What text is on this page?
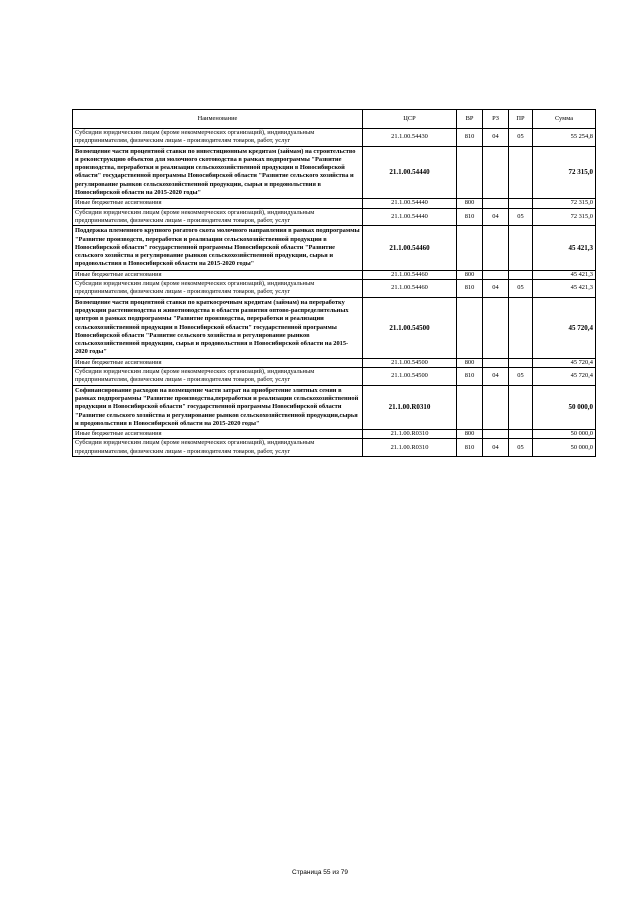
Наименование	ЦСР	ВР	РЗ	ПР	Сумма
Субсидии юридическим лицам (кроме некоммерческих организаций), индивидуальным предпринимателям, физическим лицам - производителям товаров, работ, услуг	21.1.00.54430	810	04	05	55 254,8
Возмещение части процентной ставки по инвестиционным кредитам (займам) на строительство и реконструкцию объектов для молочного скотоводства в рамках подпрограммы "Развитие производства, переработки и реализации сельскохозяйственной продукции в Новосибирской области" государственной программы Новосибирской области "Развитие сельского хозяйства и регулирование рынков сельскохозяйственной продукции, сырья и продовольствия в Новосибирской области на 2015-2020 годы"	21.1.00.54440				72 315,0
Иные бюджетные ассигнования	21.1.00.54440	800			72 315,0
Субсидии юридическим лицам (кроме некоммерческих организаций), индивидуальным предпринимателям, физическим лицам - производителям товаров, работ, услуг	21.1.00.54440	810	04	05	72 315,0
Поддержка племенного крупного рогатого скота молочного направления в рамках подпрограммы "Развитие производств, переработки и реализации сельскохозяйственной продукции в Новосибирской области" государственной программы Новосибирской области "Развитие сельского хозяйства и регулирование рынков сельскохозяйственной продукции, сырья и продовольствия в Новосибирской области на 2015-2020 годы"	21.1.00.54460				45 421,3
Иные бюджетные ассигнования	21.1.00.54460	800			45 421,3
Субсидии юридическим лицам (кроме некоммерческих организаций), индивидуальным предпринимателям, физическим лицам - производителям товаров, работ, услуг	21.1.00.54460	810	04	05	45 421,3
Возмещение части процентной ставки по краткосрочным кредитам (займам) на переработку продукции растениеводства и животноводства в области развития оптово-распределительных центров в рамках подпрограммы "Развитие производства, переработки и реализации сельскохозяйственной продукции в Новосибирской области" государственной программы Новосибирской области "Развитие сельского хозяйства и регулирование рынков сельскохозяйственной продукции, сырья и продовольствия в Новосибирской области на 2015-2020 годы"	21.1.00.54500				45 720,4
Иные бюджетные ассигнования	21.1.00.54500	800			45 720,4
Субсидии юридическим лицам (кроме некоммерческих организаций), индивидуальным предпринимателям, физическим лицам - производителям товаров, работ, услуг	21.1.00.54500	810	04	05	45 720,4
Софинансирование расходов на возмещение части затрат на приобретение элитных семян в рамках подпрограммы "Развитие производства,переработки и реализации сельскохозяйственной продукции в Новосибирской области" государственной программы Новосибирской области "Развитие сельского хозяйства и регулирование рынков сельскохозяйственной продукции,сырья и продовольствия в Новосибирской области на 2015-2020 годы"	21.1.00.R0310				50 000,0
Иные бюджетные ассигнования	21.1.00.R0310	800			50 000,0
Субсидии юридическим лицам (кроме некоммерческих организаций), индивидуальным предпринимателям, физическим лицам - производителям товаров, работ, услуг	21.1.00.R0310	810	04	05	50 000,0
Страница 55 из 79
